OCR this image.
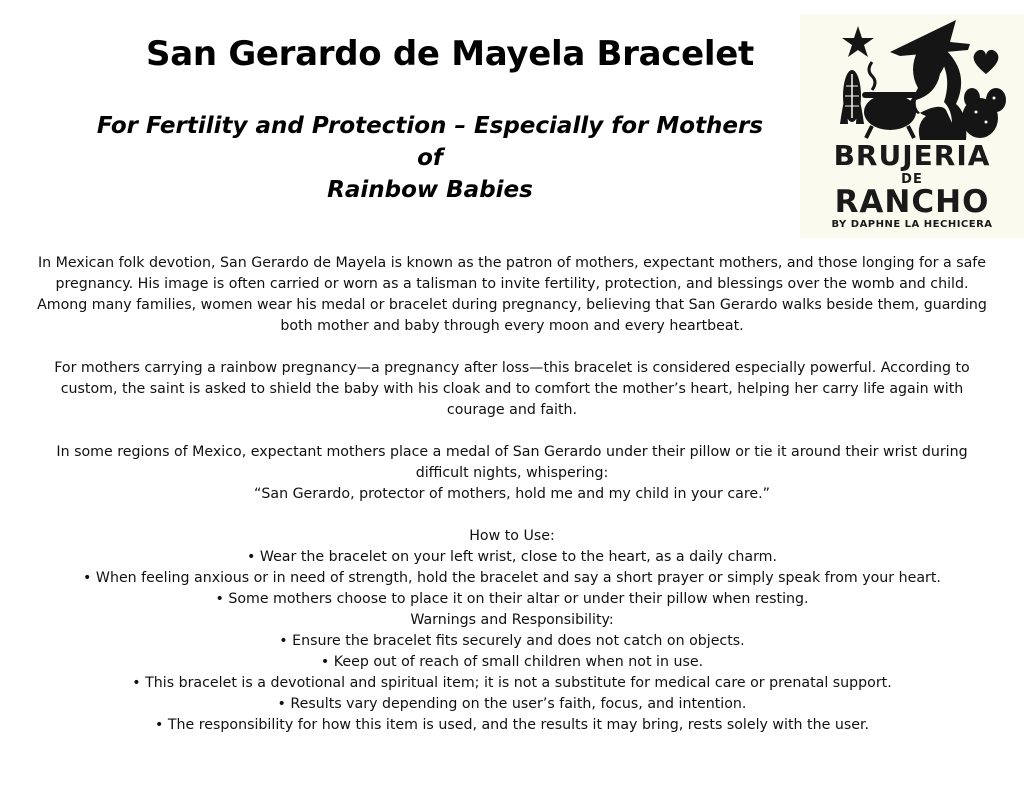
San Gerardo de Mayela Bracelet
For Fertility and Protection – Especially for Mothers of
Rainbow Babies
BRUJERIA
DE
RANCHO
BY DAPHNE LA HECHICERA

In Mexican folk devotion, San Gerardo de Mayela is known as the patron of mothers, expectant mothers, and those longing for a safe

pregnancy. His image is often carried or worn as a talisman to invite fertility, protection, and blessings over the womb and child.

Among many families, women wear his medal or bracelet during pregnancy, believing that San Gerardo walks beside them, guarding

both mother and baby through every moon and every heartbeat.

For mothers carrying a rainbow pregnancy—a pregnancy after loss—this bracelet is considered especially powerful. According to

custom, the saint is asked to shield the baby with his cloak and to comfort the mother’s heart, helping her carry life again with

courage and faith.

In some regions of Mexico, expectant mothers place a medal of San Gerardo under their pillow or tie it around their wrist during

difficult nights, whispering:

“San Gerardo, protector of mothers, hold me and my child in your care.”

How to Use:

• Wear the bracelet on your left wrist, close to the heart, as a daily charm.

• When feeling anxious or in need of strength, hold the bracelet and say a short prayer or simply speak from your heart.

• Some mothers choose to place it on their altar or under their pillow when resting.

Warnings and Responsibility:

• Ensure the bracelet fits securely and does not catch on objects.

• Keep out of reach of small children when not in use.

• This bracelet is a devotional and spiritual item; it is not a substitute for medical care or prenatal support.

• Results vary depending on the user’s faith, focus, and intention.

• The responsibility for how this item is used, and the results it may bring, rests solely with the user.
